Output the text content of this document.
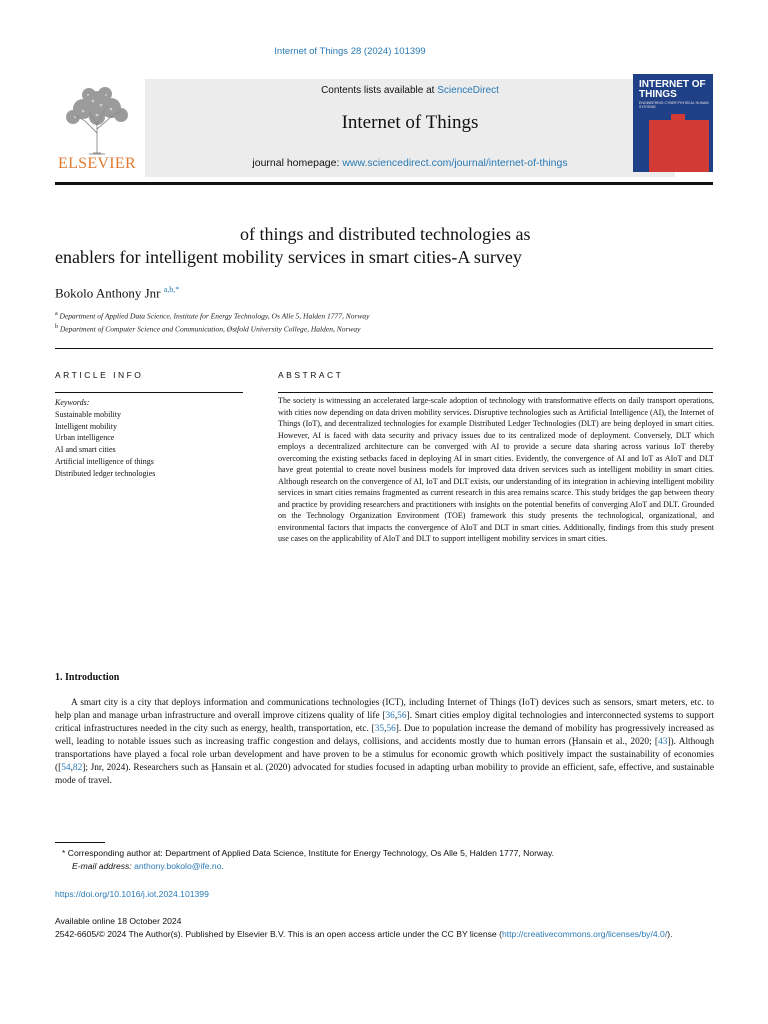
Internet of Things 28 (2024) 101399
ELSEVIER
Contents lists available at ScienceDirect
Internet of Things
journal homepage: www.sciencedirect.com/journal/internet-of-things
INTERNET OF THINGS
ENGINEERING CYBER PHYSICAL HUMAN SYSTEMS
of things and distributed technologies as
enablers for intelligent mobility services in smart cities-A survey
Bokolo Anthony Jnr $^{a,b,*}$
$^a$ Department of Applied Data Science, Institute for Energy Technology, Os Alle 5, Halden 1777, Norway
$^b$ Department of Computer Science and Communication, Østfold University College, Halden, Norway
ARTICLE INFO	ABSTRACT
Keywords:
Sustainable mobility
Intelligent mobility
Urban intelligence
AI and smart cities
Artificial intelligence of things
Distributed ledger technologies
The society is witnessing an accelerated large-scale adoption of technology with transformative effects on daily transport operations, with cities now depending on data driven mobility services. Disruptive technologies such as Artificial Intelligence (AI), the Internet of Things (IoT), and decentralized technologies for example Distributed Ledger Technologies (DLT) are being deployed in smart cities. However, AI is faced with data security and privacy issues due to its centralized mode of deployment. Conversely, DLT which employs a decentralized architecture can be converged with AI to provide a secure data sharing across various IoT thereby overcoming the existing setbacks faced in deploying AI in smart cities. Evidently, the convergence of AI and IoT as AIoT and DLT have great potential to create novel business models for improved data driven services such as intelligent mobility in smart cities. Although research on the convergence of AI, IoT and DLT exists, our understanding of its integration in achieving intelligent mobility services in smart cities remains fragmented as current research in this area remains scarce. This study bridges the gap between theory and practice by providing researchers and practitioners with insights on the potential benefits of converging AIoT and DLT. Grounded on the Technology Organization Environment (TOE) framework this study presents the technological, organizational, and environmental factors that impacts the convergence of AIoT and DLT in smart cities. Additionally, findings from this study present use cases on the applicability of AIoT and DLT to support intelligent mobility services in smart cities.
1. Introduction
A smart city is a city that deploys information and communications technologies (ICT), including Internet of Things (IoT) devices such as sensors, smart meters, etc. to help plan and manage urban infrastructure and overall improve citizens quality of life [36,56]. Smart cities employ digital technologies and interconnected systems to support critical infrastructures needed in the city such as energy, health, transportation, etc. [35,56]. Due to population increase the demand of mobility has progressively increased as well, leading to notable issues such as increasing traffic congestion and delays, collisions, and accidents mostly due to human errors (Ḩansain et al., 2020; [43]). Although transportations have played a focal role urban development and have proven to be a stimulus for economic growth which positively impact the sustainability of economies ([54,82]; Jnr, 2024). Researchers such as Ḩansain et al. (2020) advocated for studies focused in adapting urban mobility to provide an efficient, safe, effective, and sustainable mode of travel.
* Corresponding author at: Department of Applied Data Science, Institute for Energy Technology, Os Alle 5, Halden 1777, Norway.
E-mail address: anthony.bokolo@ife.no.
https://doi.org/10.1016/j.iot.2024.101399
Available online 18 October 2024
2542-6605/© 2024 The Author(s). Published by Elsevier B.V. This is an open access article under the CC BY license (http://creativecommons.org/licenses/by/4.0/).
